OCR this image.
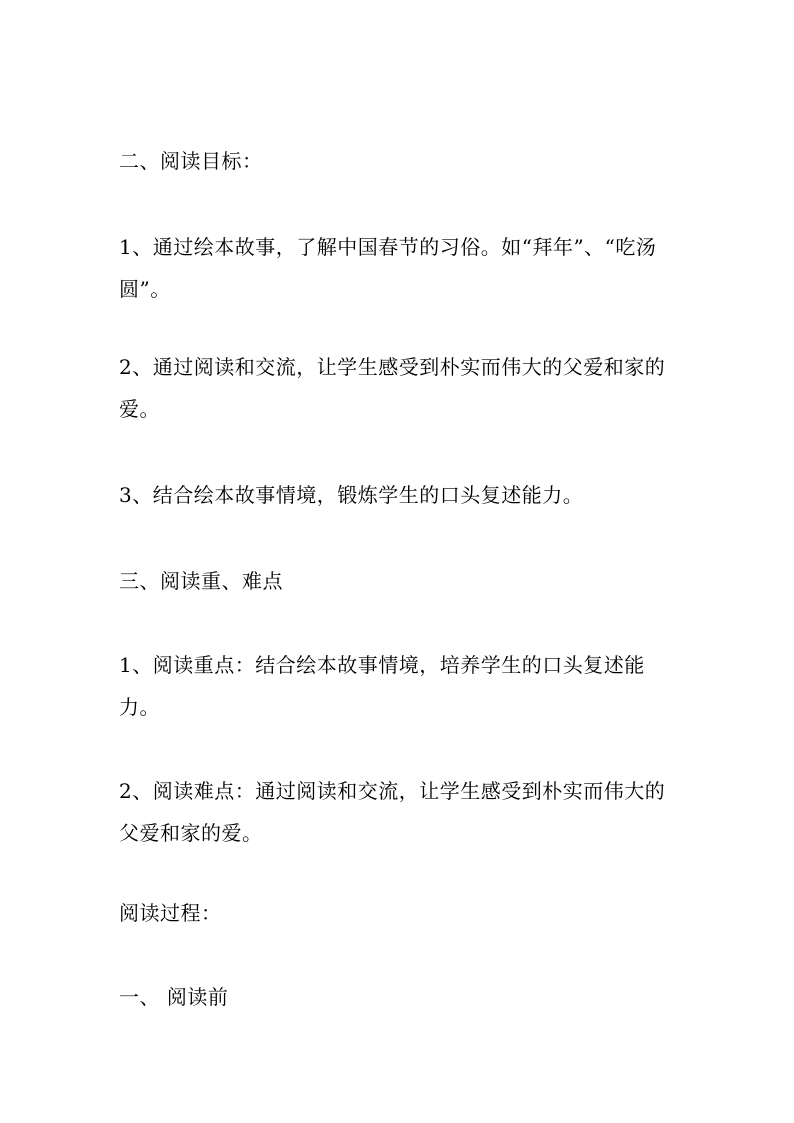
二、阅读目标：

1、通过绘本故事，了解中国春节的习俗。如“拜年”、“吃汤圆”。

2、通过阅读和交流，让学生感受到朴实而伟大的父爱和家的爱。

3、结合绘本故事情境，锻炼学生的口头复述能力。

三、阅读重、难点

1、阅读重点：结合绘本故事情境，培养学生的口头复述能力。

2、阅读难点：通过阅读和交流，让学生感受到朴实而伟大的父爱和家的爱。

阅读过程：

一、 阅读前
